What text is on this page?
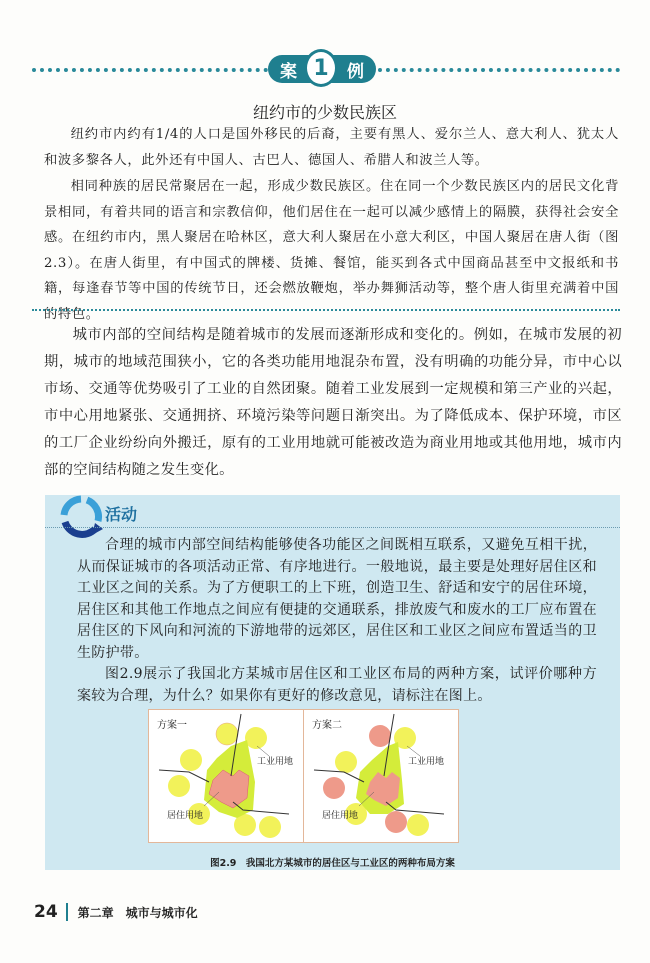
案 1	例
纽约市的少数民族区

纽约市内约有1/4的人口是国外移民的后裔，主要有黑人、爱尔兰人、意大利人、犹太人和波多黎各人，此外还有中国人、古巴人、德国人、希腊人和波兰人等。

相同种族的居民常聚居在一起，形成少数民族区。住在同一个少数民族区内的居民文化背景相同，有着共同的语言和宗教信仰，他们居住在一起可以减少感情上的隔膜，获得社会安全感。在纽约市内，黑人聚居在哈林区，意大利人聚居在小意大利区，中国人聚居在唐人街（图2.3）。在唐人街里，有中国式的牌楼、货摊、餐馆，能买到各式中国商品甚至中文报纸和书籍，每逢春节等中国的传统节日，还会燃放鞭炮，举办舞狮活动等，整个唐人街里充满着中国的特色。

城市内部的空间结构是随着城市的发展而逐渐形成和变化的。例如，在城市发展的初期，城市的地域范围狭小，它的各类功能用地混杂布置，没有明确的功能分异，市中心以市场、交通等优势吸引了工业的自然团聚。随着工业发展到一定规模和第三产业的兴起，市中心用地紧张、交通拥挤、环境污染等问题日渐突出。为了降低成本、保护环境，市区的工厂企业纷纷向外搬迁，原有的工业用地就可能被改造为商业用地或其他用地，城市内部的空间结构随之发生变化。

活动

合理的城市内部空间结构能够使各功能区之间既相互联系，又避免互相干扰，从而保证城市的各项活动正常、有序地进行。一般地说，最主要是处理好居住区和工业区之间的关系。为了方便职工的上下班，创造卫生、舒适和安宁的居住环境，居住区和其他工作地点之间应有便捷的交通联系，排放废气和废水的工厂应布置在居住区的下风向和河流的下游地带的远郊区，居住区和工业区之间应布置适当的卫生防护带。

图2.9展示了我国北方某城市居住区和工业区布局的两种方案，试评价哪种方案较为合理，为什么？如果你有更好的修改意见，请标注在图上。

方案一
工业用地
居住用地
方案二
工业用地
居住用地
图2.9　我国北方某城市的居住区与工业区的两种布局方案
24 第二章　城市与城市化
